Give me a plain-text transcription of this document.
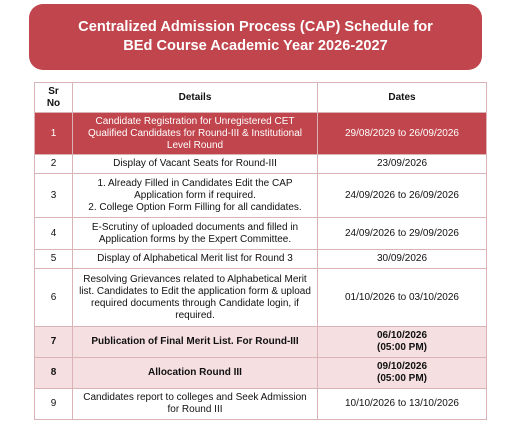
Centralized Admission Process (CAP) Schedule for
BEd Course Academic Year 2026-2027
Sr
No	Details	Dates
1	Candidate Registration for Unregistered CET Qualified Candidates for Round-III & Institutional Level Round	29/08/2029 to 26/09/2026
2	Display of Vacant Seats for Round-III	23/09/2026
3	1. Already Filled in Candidates Edit the CAP Application form if required.
2. College Option Form Filling for all candidates.	24/09/2026 to 26/09/2026
4	E-Scrutiny of uploaded documents and filled in Application forms by the Expert Committee.	24/09/2026 to 29/09/2026
5	Display of Alphabetical Merit list for Round 3	30/09/2026
6	Resolving Grievances related to Alphabetical Merit list. Candidates to Edit the application form & upload required documents through Candidate login, if required.	01/10/2026 to 03/10/2026
7	Publication of Final Merit List. For Round-III	06/10/2026
(05:00 PM)
8	Allocation Round III	09/10/2026
(05:00 PM)
9	Candidates report to colleges and Seek Admission for Round III	10/10/2026 to 13/10/2026
